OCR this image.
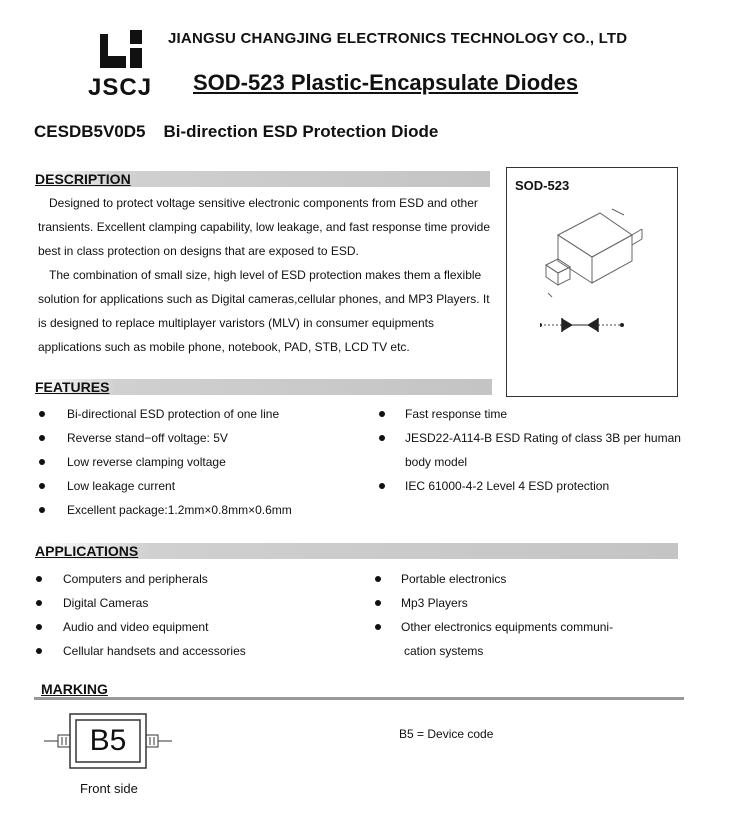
JSCJ
JIANGSU CHANGJING ELECTRONICS TECHNOLOGY CO., LTD
SOD-523 Plastic-Encapsulate Diodes
CESDB5V0D5 Bi-direction ESD Protection Diode
DESCRIPTION

Designed to protect voltage sensitive electronic components from ESD and other transients. Excellent clamping capability, low leakage, and fast response time provide best in class protection on designs that are exposed to ESD.

The combination of small size, high level of ESD protection makes them a flexible solution for applications such as Digital cameras,cellular phones, and MP3 Players. It is designed to replace multiplayer varistors (MLV) in consumer equipments applications such as mobile phone, notebook, PAD, STB, LCD TV etc.

SOD-523
FEATURES
Bi-directional ESD protection of one line
Reverse stand−off voltage: 5V
Low reverse clamping voltage
Low leakage current
Excellent package:1.2mm×0.8mm×0.6mm
Fast response time
JESD22-A114-B ESD Rating of class 3B per human
body model
IEC 61000-4-2 Level 4 ESD protection
APPLICATIONS
Computers and peripherals
Digital Cameras
Audio and video equipment
Cellular handsets and accessories
Portable electronics
Mp3 Players
Other electronics equipments communi-
cation systems
MARKING
B5
Front side
B5 = Device code
